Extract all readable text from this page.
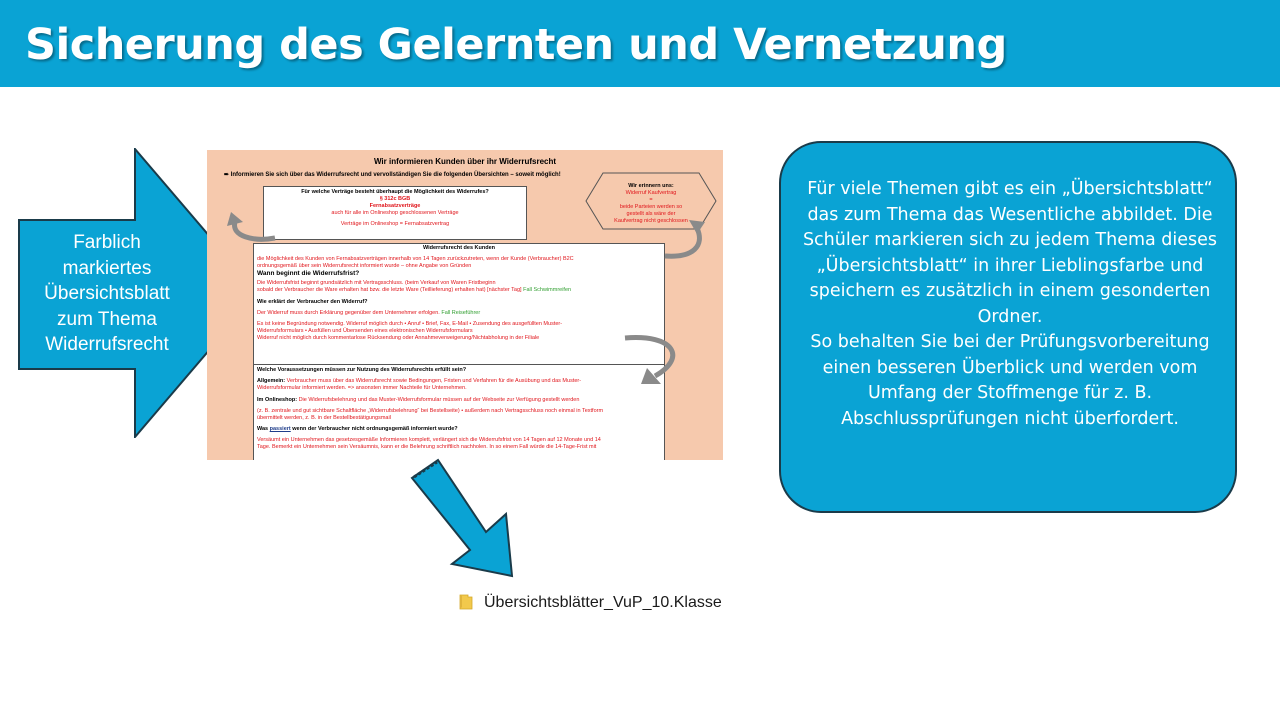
Sicherung des Gelernten und Vernetzung
Farblich
markiertes
Übersichtsblatt
zum Thema
Widerrufsrecht
Wir informieren Kunden über ihr Widerrufsrecht
➨ Informieren Sie sich über das Widerrufsrecht und vervollständigen Sie die folgenden Übersichten – soweit möglich!
Für welche Verträge besteht überhaupt die Möglichkeit des Widerrufes?
§ 312c BGB
Fernabsatzverträge
auch für alle im Onlineshop geschlossenen Verträge
Verträge im Onlineshop = Fernabsatzvertrag
Wir erinnern uns:
Widerruf Kaufvertrag
=
beide Parteien werden so
gestellt als wäre der
Kaufvertrag nicht geschlossen
Widerrufsrecht des Kunden
die Möglichkeit des Kunden von Fernabsatzverträgen innerhalb von 14 Tagen zurückzutreten, wenn der Kunde (Verbraucher) B2C
ordnungsgemäß über sein Widerrufsrecht informiert wurde – ohne Angabe von Gründen
Wann beginnt die Widerrufsfrist?
Die Widerrufsfrist beginnt grundsätzlich mit Vertragsschluss. (beim Verkauf von Waren Fristbeginn
sobald der Verbraucher die Ware erhalten hat bzw. die letzte Ware (Teillieferung) erhalten hat) [nächster Tag] Fall Schwimmreifen
Wie erklärt der Verbraucher den Widerruf?
Der Widerruf muss durch Erklärung gegenüber dem Unternehmer erfolgen. Fall Reiseführer
Es ist keine Begründung notwendig. Widerruf möglich durch • Anruf • Brief, Fax, E-Mail • Zusendung des ausgefüllten Muster-
Widerrufsformulars • Ausfüllen und Übersenden eines elektronischen Widerrufsformulars
Widerruf nicht möglich durch kommentarlose Rücksendung oder Annahmeverweigerung/Nichtabholung in der Filiale
Welche Voraussetzungen müssen zur Nutzung des Widerrufsrechts erfüllt sein?
Allgemein: Verbraucher muss über das Widerrufsrecht sowie Bedingungen, Fristen und Verfahren für die Ausübung und das Muster-
Widerrufsformular informiert werden. => ansonsten immer Nachteile für Unternehmen.
Im Onlineshop: Die Widerrufsbelehrung und das Muster-Widerrufsformular müssen auf der Webseite zur Verfügung gestellt werden
(z. B. zentrale und gut sichtbare Schaltfläche „Widerrufsbelehrung“ bei Bestellseite) • außerdem nach Vertragsschluss noch einmal in Textform
übermittelt werden, z. B. in der Bestellbestätigungsmail
Was passiert wenn der Verbraucher nicht ordnungsgemäß informiert wurde?
Versäumt ein Unternehmen das gesetzesgemäße Informieren komplett, verlängert sich die Widerrufsfrist von 14 Tagen auf 12 Monate und 14
Tage. Bemerkt ein Unternehmen sein Versäumnis, kann er die Belehrung schriftlich nachholen. In so einem Fall würde die 14-Tage-Frist mit
Übersichtsblätter_VuP_10.Klasse

Für viele Themen gibt es ein „Übersichtsblatt“ das zum Thema das Wesentliche abbildet. Die Schüler markieren sich zu jedem Thema dieses „Übersichtsblatt“ in ihrer Lieblingsfarbe und speichern es zusätzlich in einem gesonderten Ordner.
So behalten Sie bei der Prüfungsvorbereitung einen besseren Überblick und werden vom Umfang der Stoffmenge für z. B. Abschlussprüfungen nicht überfordert.
